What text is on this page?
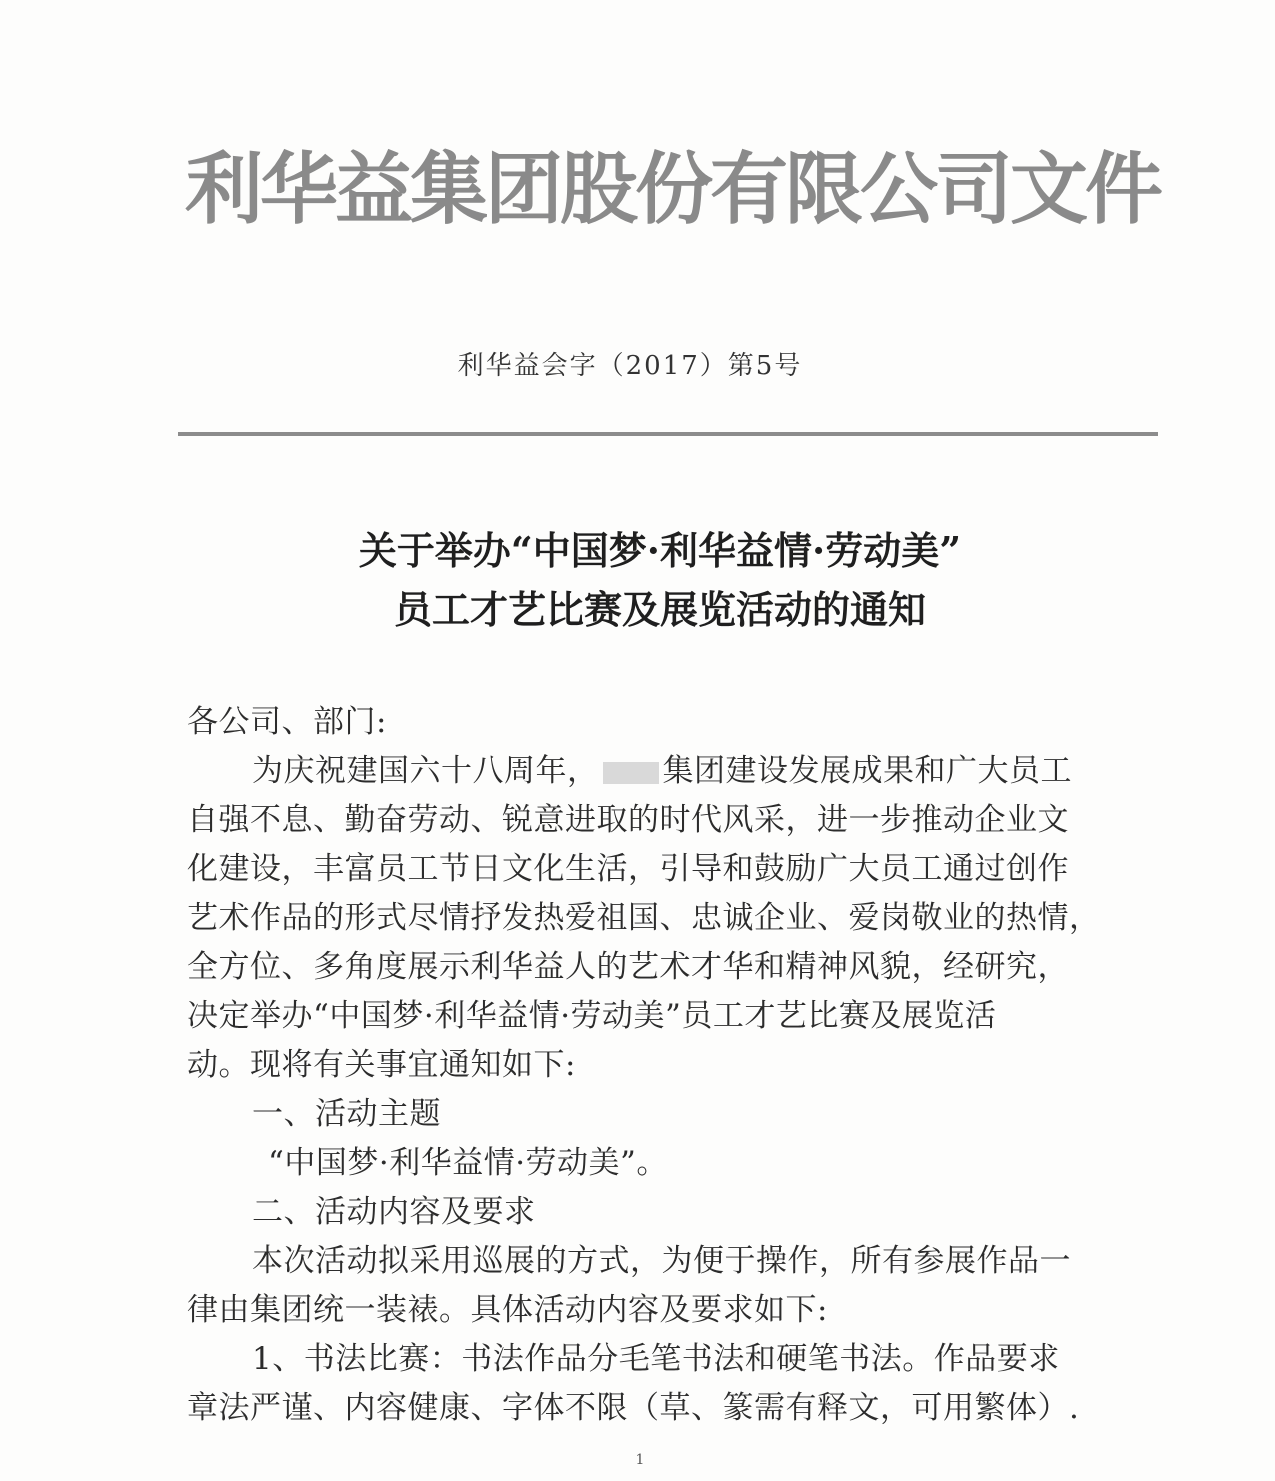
利华益集团股份有限公司文件
利华益会字（2017）第5号
关于举办“中国梦·利华益情·劳动美”
员工才艺比赛及展览活动的通知
各公司、部门:
为庆祝建国六十八周年， 集团建设发展成果和广大员工
自强不息、勤奋劳动、锐意进取的时代风采，进一步推动企业文
化建设，丰富员工节日文化生活，引导和鼓励广大员工通过创作
艺术作品的形式尽情抒发热爱祖国、忠诚企业、爱岗敬业的热情，
全方位、多角度展示利华益人的艺术才华和精神风貌，经研究，
决定举办“中国梦·利华益情·劳动美”员工才艺比赛及展览活
动。现将有关事宜通知如下:
一、活动主题
“中国梦·利华益情·劳动美”。
二、活动内容及要求
本次活动拟采用巡展的方式，为便于操作，所有参展作品一
律由集团统一装裱。具体活动内容及要求如下:
1、书法比赛：书法作品分毛笔书法和硬笔书法。作品要求
章法严谨、内容健康、字体不限（草、篆需有释文，可用繁体）.
1
